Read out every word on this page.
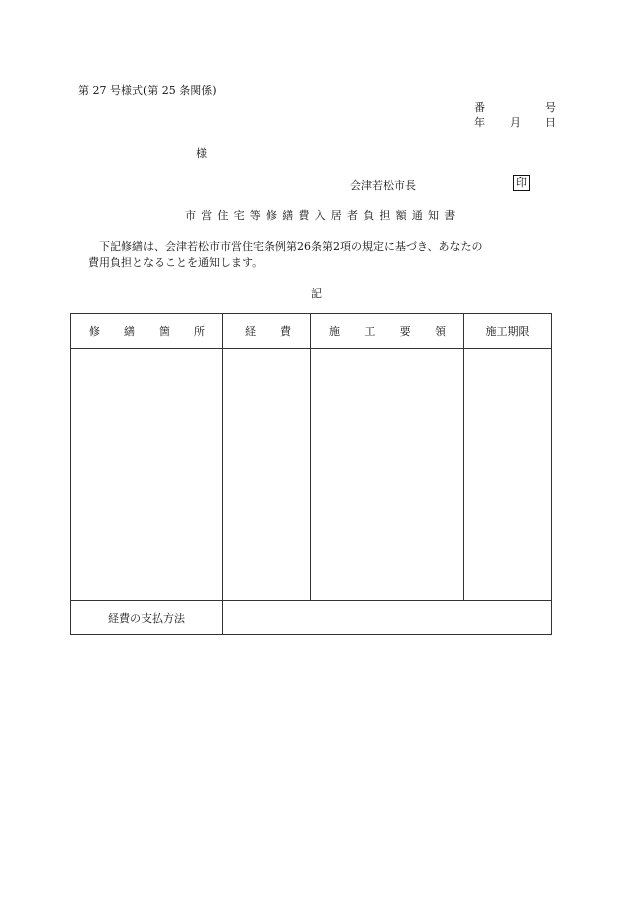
第 27 号様式(第 25 条関係)
番	号
年 月 日
様
会津若松市長	印
市営住宅等修繕費入居者負担額通知書
下記修繕は、会津若松市市営住宅条例第26条第2項の規定に基づき、あなたの
費用負担となることを通知します。
記
修 繕 箇 所	経 費	施 工 要 領	施工期限

経費の支払方法			
